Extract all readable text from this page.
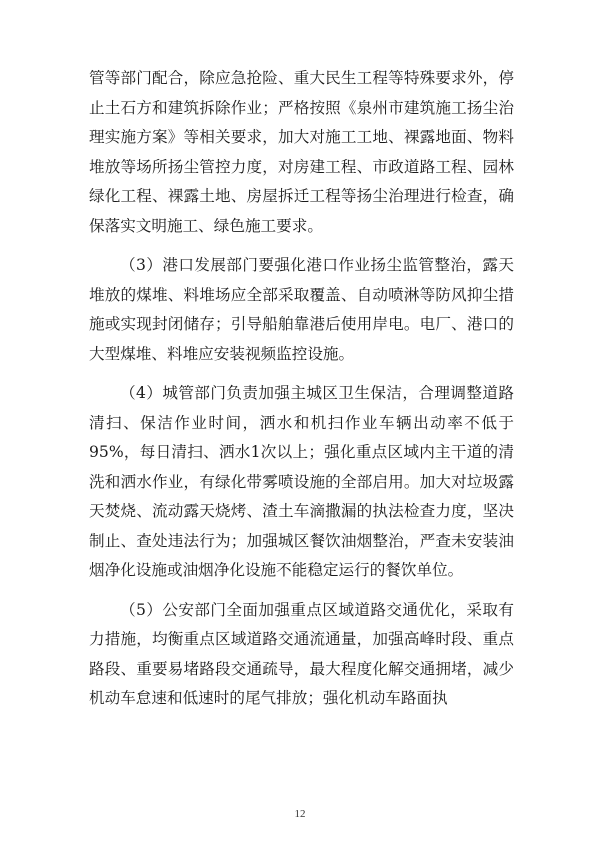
管等部门配合，除应急抢险、重大民生工程等特殊要求外，停止土石方和建筑拆除作业；严格按照《泉州市建筑施工扬尘治理实施方案》等相关要求，加大对施工工地、裸露地面、物料堆放等场所扬尘管控力度，对房建工程、市政道路工程、园林绿化工程、裸露土地、房屋拆迁工程等扬尘治理进行检查，确保落实文明施工、绿色施工要求。

（3）港口发展部门要强化港口作业扬尘监管整治，露天堆放的煤堆、料堆场应全部采取覆盖、自动喷淋等防风抑尘措施或实现封闭储存；引导船舶靠港后使用岸电。电厂、港口的大型煤堆、料堆应安装视频监控设施。

（4）城管部门负责加强主城区卫生保洁，合理调整道路清扫、保洁作业时间，洒水和机扫作业车辆出动率不低于95%，每日清扫、洒水1次以上；强化重点区域内主干道的清洗和洒水作业，有绿化带雾喷设施的全部启用。加大对垃圾露天焚烧、流动露天烧烤、渣土车滴撒漏的执法检查力度，坚决制止、查处违法行为；加强城区餐饮油烟整治，严查未安装油烟净化设施或油烟净化设施不能稳定运行的餐饮单位。

（5）公安部门全面加强重点区域道路交通优化，采取有力措施，均衡重点区域道路交通流通量，加强高峰时段、重点路段、重要易堵路段交通疏导，最大程度化解交通拥堵，减少机动车怠速和低速时的尾气排放；强化机动车路面执

12
